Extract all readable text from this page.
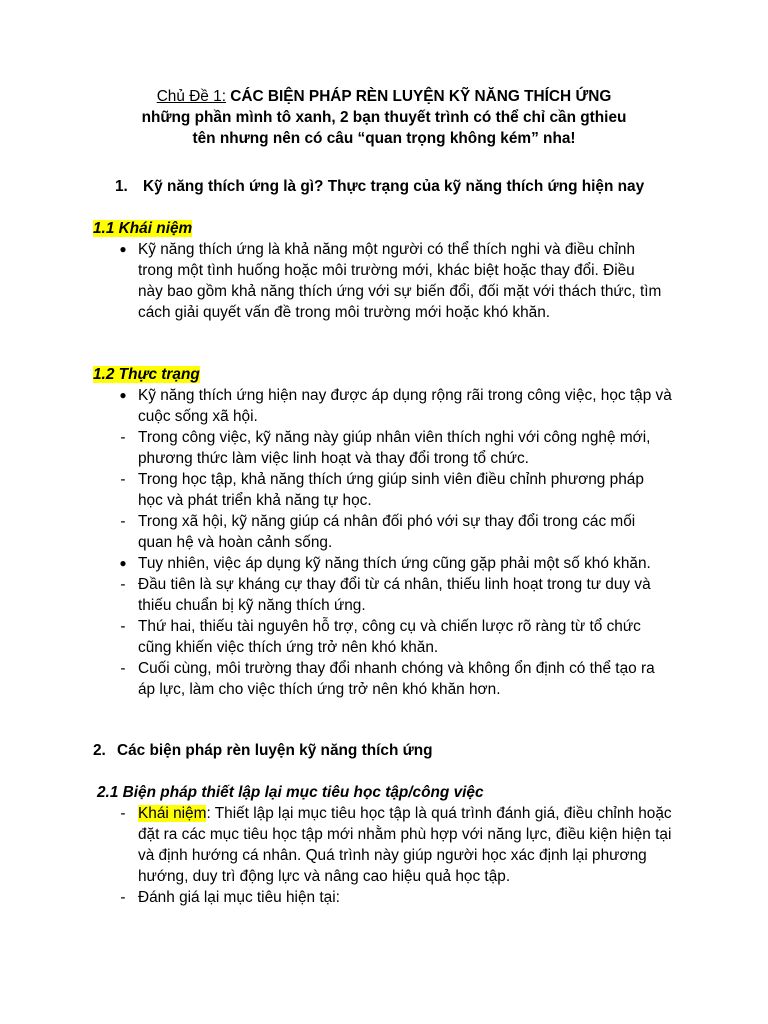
Chủ Đề 1: CÁC BIỆN PHÁP RÈN LUYỆN KỸ NĂNG THÍCH ỨNG
những phần mình tô xanh, 2 bạn thuyết trình có thể chỉ cần gthieu
tên nhưng nên có câu “quan trọng không kém” nha!
1. Kỹ năng thích ứng là gì? Thực trạng của kỹ năng thích ứng hiện nay
1.1 Khái niệm
● Kỹ năng thích ứng là khả năng một người có thể thích nghi và điều chỉnh trong một tình huống hoặc môi trường mới, khác biệt hoặc thay đổi. Điều này bao gồm khả năng thích ứng với sự biến đổi, đối mặt với thách thức, tìm cách giải quyết vấn đề trong môi trường mới hoặc khó khăn.
1.2 Thực trạng
● Kỹ năng thích ứng hiện nay được áp dụng rộng rãi trong công việc, học tập và cuộc sống xã hội.
- Trong công việc, kỹ năng này giúp nhân viên thích nghi với công nghệ mới, phương thức làm việc linh hoạt và thay đổi trong tổ chức.
- Trong học tập, khả năng thích ứng giúp sinh viên điều chỉnh phương pháp học và phát triển khả năng tự học.
- Trong xã hội, kỹ năng giúp cá nhân đối phó với sự thay đổi trong các mối quan hệ và hoàn cảnh sống.
● Tuy nhiên, việc áp dụng kỹ năng thích ứng cũng gặp phải một số khó khăn.
- Đầu tiên là sự kháng cự thay đổi từ cá nhân, thiếu linh hoạt trong tư duy và thiếu chuẩn bị kỹ năng thích ứng.
- Thứ hai, thiếu tài nguyên hỗ trợ, công cụ và chiến lược rõ ràng từ tổ chức cũng khiến việc thích ứng trở nên khó khăn.
- Cuối cùng, môi trường thay đổi nhanh chóng và không ổn định có thể tạo ra áp lực, làm cho việc thích ứng trở nên khó khăn hơn.
2. Các biện pháp rèn luyện kỹ năng thích ứng
2.1 Biện pháp thiết lập lại mục tiêu học tập/công việc
- Khái niệm: Thiết lập lại mục tiêu học tập là quá trình đánh giá, điều chỉnh hoặc đặt ra các mục tiêu học tập mới nhằm phù hợp với năng lực, điều kiện hiện tại và định hướng cá nhân. Quá trình này giúp người học xác định lại phương hướng, duy trì động lực và nâng cao hiệu quả học tập.
- Đánh giá lại mục tiêu hiện tại:
